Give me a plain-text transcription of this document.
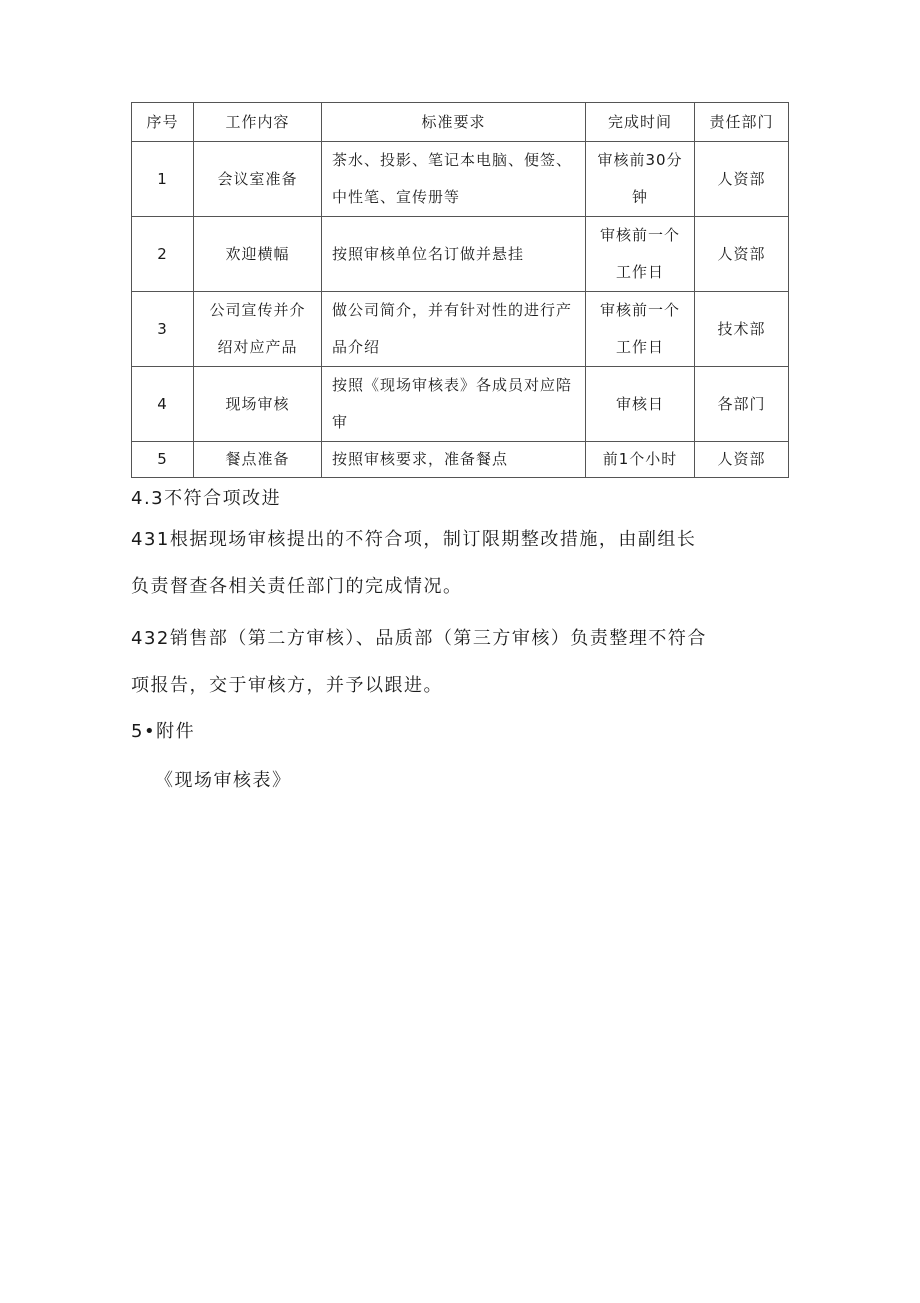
序号	工作内容	标准要求	完成时间	责任部门
1	会议室准备	茶水、投影、笔记本电脑、便签、中性笔、宣传册等	审核前30分钟	人资部
2	欢迎横幅	按照审核单位名订做并悬挂	审核前一个工作日	人资部
3	公司宣传并介绍对应产品	做公司简介，并有针对性的进行产品介绍	审核前一个工作日	技术部
4	现场审核	按照《现场审核表》各成员对应陪审	审核日	各部门
5	餐点准备	按照审核要求，准备餐点	前1个小时	人资部
4.3不符合项改进
431根据现场审核提出的不符合项，制订限期整改措施，由副组长
负责督查各相关责任部门的完成情况。
432销售部（第二方审核）、品质部（第三方审核）负责整理不符合
项报告，交于审核方，并予以跟进。
5•附件
《现场审核表》
